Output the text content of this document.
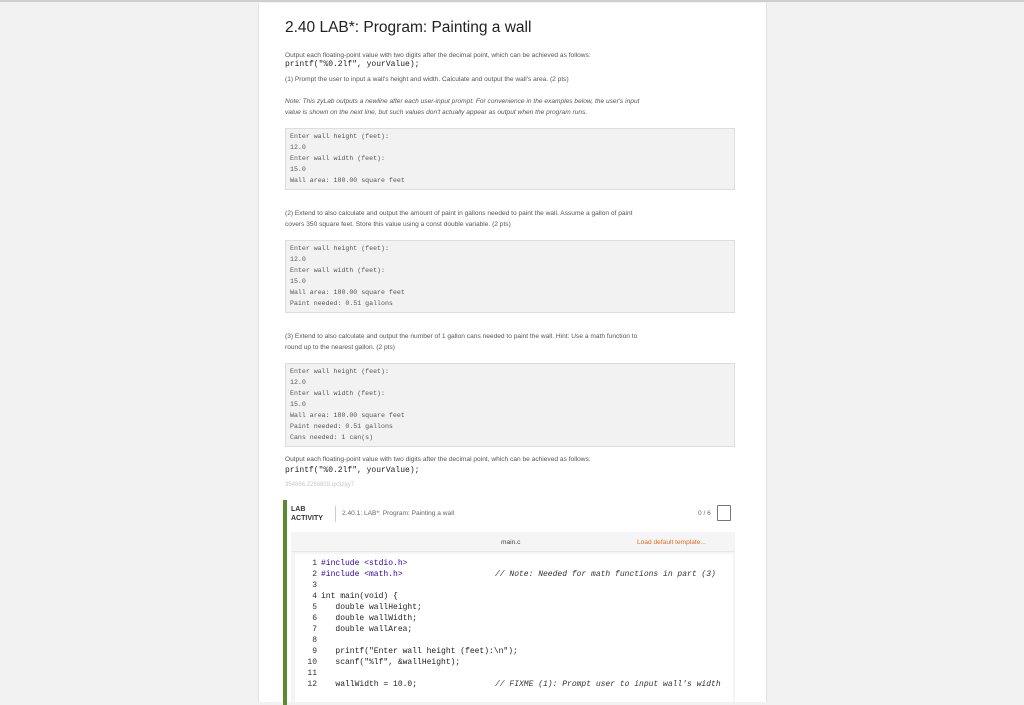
2.40 LAB*: Program: Painting a wall
Output each floating-point value with two digits after the decimal point, which can be achieved as follows:
printf("%0.2lf", yourValue);
(1) Prompt the user to input a wall's height and width. Calculate and output the wall's area. (2 pts)
Note: This zyLab outputs a newline after each user-input prompt. For convenience in the examples below, the user's input
value is shown on the next line, but such values don't actually appear as output when the program runs.
Enter wall height (feet):
12.0
Enter wall width (feet):
15.0
Wall area: 180.00 square feet
(2) Extend to also calculate and output the amount of paint in gallons needed to paint the wall. Assume a gallon of paint
covers 350 square feet. Store this value using a const double variable. (2 pts)
Enter wall height (feet):
12.0
Enter wall width (feet):
15.0
Wall area: 180.00 square feet
Paint needed: 0.51 gallons
(3) Extend to also calculate and output the number of 1 gallon cans needed to paint the wall. Hint: Use a math function to
round up to the nearest gallon. (2 pts)
Enter wall height (feet):
12.0
Enter wall width (feet):
15.0
Wall area: 180.00 square feet
Paint needed: 0.51 gallons
Cans needed: 1 can(s)
Output each floating-point value with two digits after the decimal point, which can be achieved as follows:
printf("%0.2lf", yourValue);
354866.2266828.qx3zqy7
LAB
ACTIVITY
2.40.1: LAB*: Program: Painting a wall	0 / 6
main.c	Load default template...
1
2
3
4
5
6
7
8
9
10
11
12
#include <stdio.h>
#include <math.h>	// Note: Needed for math functions in part (3)
int main(void) {
double wallHeight;
double wallWidth;
double wallArea;
printf("Enter wall height (feet):\n");
scanf("%lf", &wallHeight);
wallWidth = 10.0;	// FIXME (1): Prompt user to input wall's width
